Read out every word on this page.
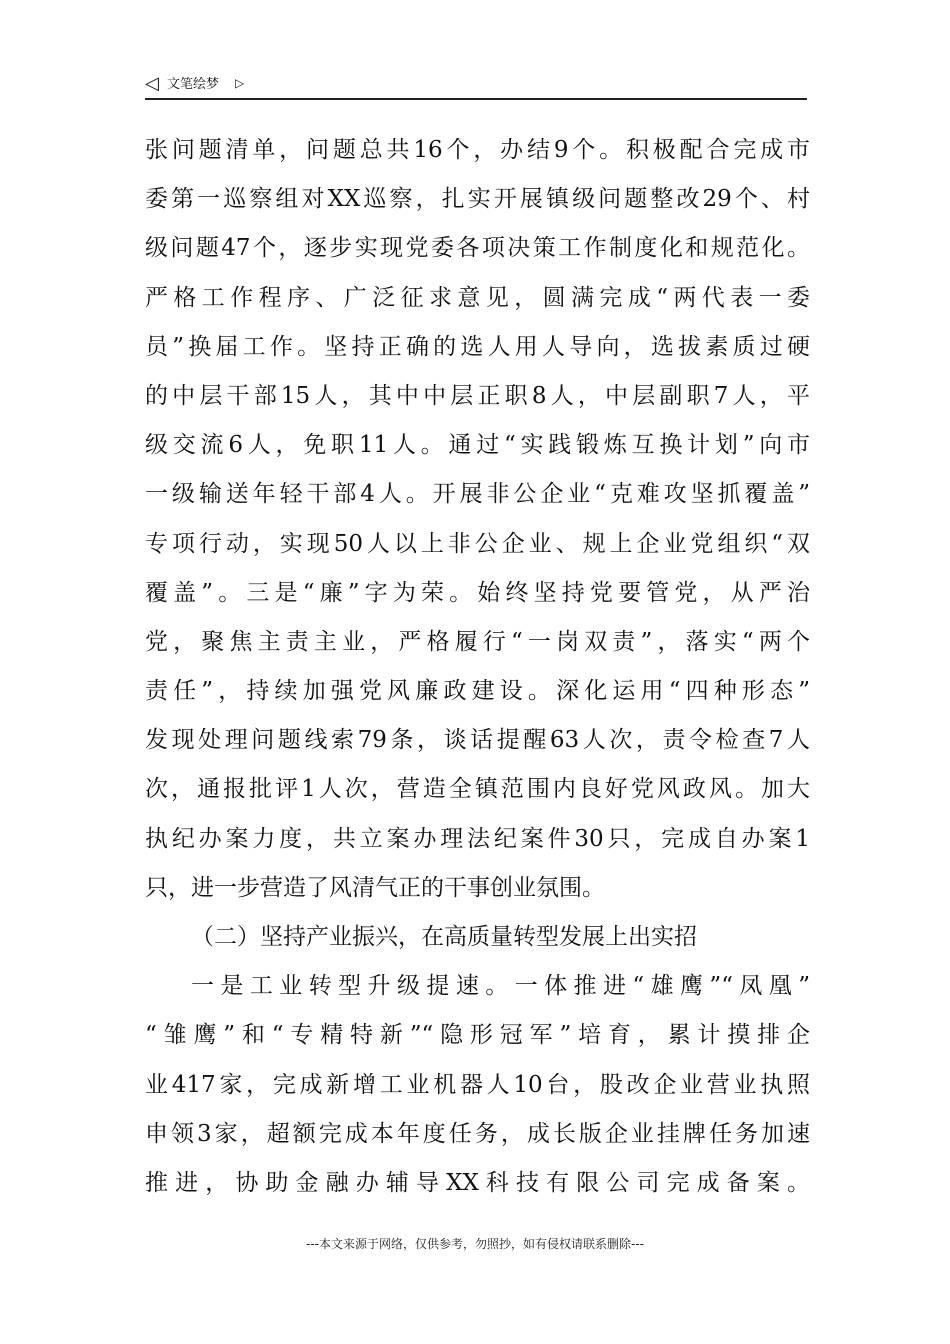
◁ 文笔绘梦 ▷
张问题清单，问题总共16个，办结9个。积极配合完成市
委第一巡察组对XX巡察，扎实开展镇级问题整改29个、村
级问题47个，逐步实现党委各项决策工作制度化和规范化。
严格工作程序、广泛征求意见，圆满完成“两代表一委
员”换届工作。坚持正确的选人用人导向，选拔素质过硬
的中层干部15人，其中中层正职8人，中层副职7人，平
级交流6人，免职11人。通过“实践锻炼互换计划”向市
一级输送年轻干部4人。开展非公企业“克难攻坚抓覆盖”
专项行动，实现50人以上非公企业、规上企业党组织“双
覆盖”。三是“廉”字为荣。始终坚持党要管党，从严治
党，聚焦主责主业，严格履行“一岗双责”，落实“两个
责任”，持续加强党风廉政建设。深化运用“四种形态”
发现处理问题线索79条，谈话提醒63人次，责令检查7人
次，通报批评1人次，营造全镇范围内良好党风政风。加大
执纪办案力度，共立案办理法纪案件30只，完成自办案1
只，进一步营造了风清气正的干事创业氛围。
（二）坚持产业振兴，在高质量转型发展上出实招
一是工业转型升级提速。一体推进“雄鹰”“凤凰”
“雏鹰”和“专精特新”“隐形冠军”培育，累计摸排企
业417家，完成新增工业机器人10台，股改企业营业执照
申领3家，超额完成本年度任务，成长版企业挂牌任务加速
推进，协助金融办辅导XX科技有限公司完成备案。
---本文来源于网络，仅供参考，勿照抄，如有侵权请联系删除---
